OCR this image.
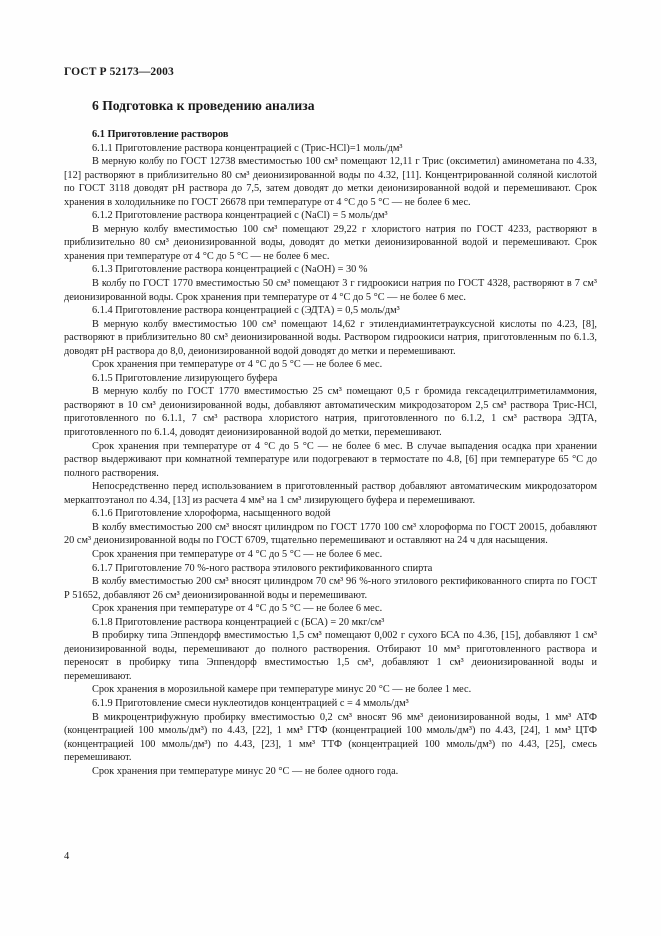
ГОСТ Р 52173—2003
6 Подготовка к проведению анализа

6.1 Приготовление растворов

6.1.1 Приготовление раствора концентрацией c (Трис-HCl)=1 моль/дм³

В мерную колбу по ГОСТ 12738 вместимостью 100 см³ помещают 12,11 г Трис (оксиметил) аминометана по 4.33, [12] растворяют в приблизительно 80 см³ деионизированной воды по 4.32, [11]. Концентрированной соляной кислотой по ГОСТ 3118 доводят pH раствора до 7,5, затем доводят до метки деионизированной водой и перемешивают. Срок хранения в холодильнике по ГОСТ 26678 при температуре от 4 °C до 5 °C — не более 6 мес.

6.1.2 Приготовление раствора концентрацией c (NaCl) = 5 моль/дм³

В мерную колбу вместимостью 100 см³ помещают 29,22 г хлористого натрия по ГОСТ 4233, растворяют в приблизительно 80 см³ деионизированной воды, доводят до метки деионизированной водой и перемешивают. Срок хранения при температуре от 4 °C до 5 °C — не более 6 мес.

6.1.3 Приготовление раствора концентрацией c (NaOH) = 30 %

В колбу по ГОСТ 1770 вместимостью 50 см³ помещают 3 г гидроокиси натрия по ГОСТ 4328, растворяют в 7 см³ деионизированной воды. Срок хранения при температуре от 4 °C до 5 °C — не более 6 мес.

6.1.4 Приготовление раствора концентрацией c (ЭДТА) = 0,5 моль/дм³

В мерную колбу вместимостью 100 см³ помещают 14,62 г этилендиаминтетрауксусной кислоты по 4.23, [8], растворяют в приблизительно 80 см³ деионизированной воды. Раствором гидроокиси натрия, приготовленным по 6.1.3, доводят pH раствора до 8,0, деионизированной водой доводят до метки и перемешивают.

Срок хранения при температуре от 4 °C до 5 °C — не более 6 мес.

6.1.5 Приготовление лизирующего буфера

В мерную колбу по ГОСТ 1770 вместимостью 25 см³ помещают 0,5 г бромида гексадецилтриметиламмония, растворяют в 10 см³ деионизированной воды, добавляют автоматическим микродозатором 2,5 см³ раствора Трис-HCl, приготовленного по 6.1.1, 7 см³ раствора хлористого натрия, приготовленного по 6.1.2, 1 см³ раствора ЭДТА, приготовленного по 6.1.4, доводят деионизированной водой до метки, перемешивают.

Срок хранения при температуре от 4 °C до 5 °C — не более 6 мес. В случае выпадения осадка при хранении раствор выдерживают при комнатной температуре или подогревают в термостате по 4.8, [6] при температуре 65 °C до полного растворения.

Непосредственно перед использованием в приготовленный раствор добавляют автоматическим микродозатором меркаптоэтанол по 4.34, [13] из расчета 4 мм³ на 1 см³ лизирующего буфера и перемешивают.

6.1.6 Приготовление хлороформа, насыщенного водой

В колбу вместимостью 200 см³ вносят цилиндром по ГОСТ 1770 100 см³ хлороформа по ГОСТ 20015, добавляют 20 см³ деионизированной воды по ГОСТ 6709, тщательно перемешивают и оставляют на 24 ч для насыщения.

Срок хранения при температуре от 4 °C до 5 °C — не более 6 мес.

6.1.7 Приготовление 70 %-ного раствора этилового ректификованного спирта

В колбу вместимостью 200 см³ вносят цилиндром 70 см³ 96 %-ного этилового ректификованного спирта по ГОСТ Р 51652, добавляют 26 см³ деионизированной воды и перемешивают.

Срок хранения при температуре от 4 °C до 5 °C — не более 6 мес.

6.1.8 Приготовление раствора концентрацией c (БСА) = 20 мкг/см³

В пробирку типа Эппендорф вместимостью 1,5 см³ помещают 0,002 г сухого БСА по 4.36, [15], добавляют 1 см³ деионизированной воды, перемешивают до полного растворения. Отбирают 10 мм³ приготовленного раствора и переносят в пробирку типа Эппендорф вместимостью 1,5 см³, добавляют 1 см³ деионизированной воды и перемешивают.

Срок хранения в морозильной камере при температуре минус 20 °C — не более 1 мес.

6.1.9 Приготовление смеси нуклеотидов концентрацией c = 4 ммоль/дм³

В микроцентрифужную пробирку вместимостью 0,2 см³ вносят 96 мм³ деионизированной воды, 1 мм³ АТФ (концентрацией 100 ммоль/дм³) по 4.43, [22], 1 мм³ ГТФ (концентрацией 100 ммоль/дм³) по 4.43, [24], 1 мм³ ЦТФ (концентрацией 100 ммоль/дм³) по 4.43, [23], 1 мм³ ТТФ (концентрацией 100 ммоль/дм³) по 4.43, [25], смесь перемешивают.

Срок хранения при температуре минус 20 °C — не более одного года.

4
